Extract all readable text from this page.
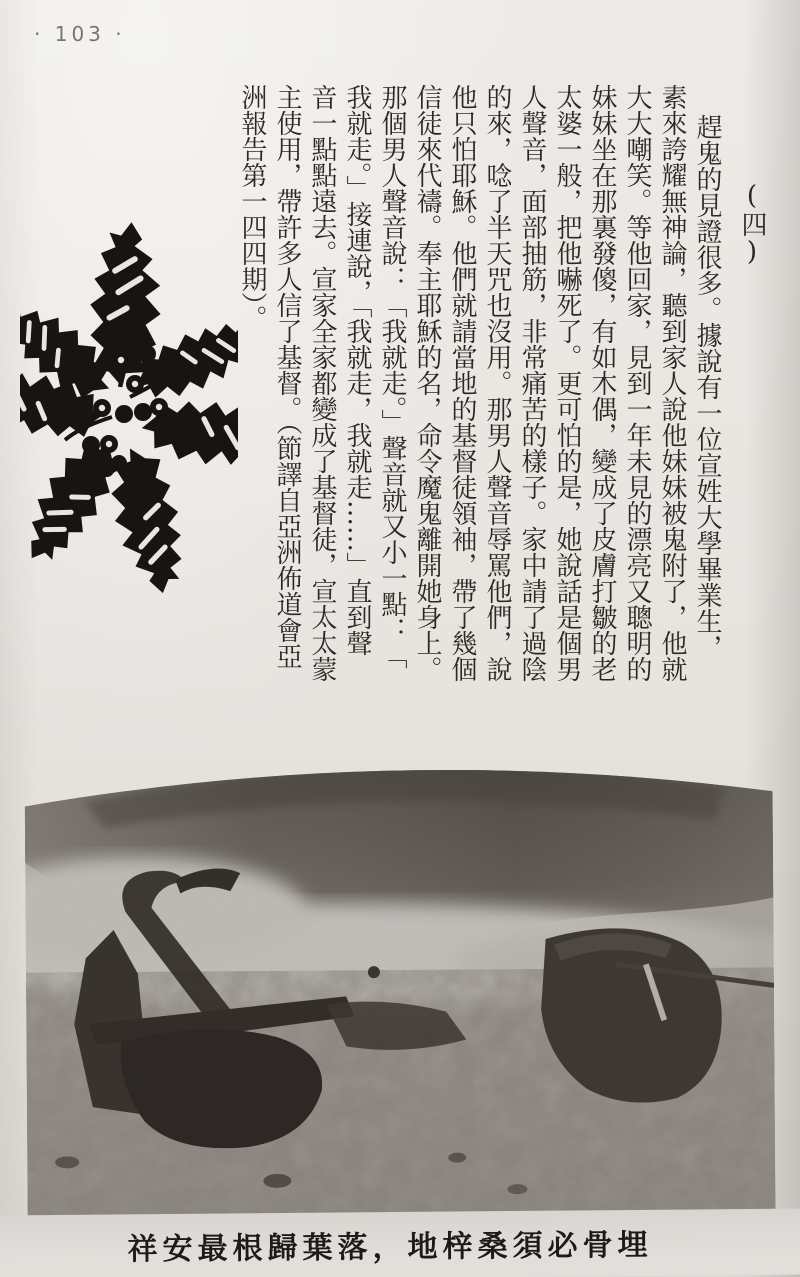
· 103 ·
(四)
趕鬼的見證很多。據說有一位宣姓大學畢業生，
素來誇耀無神論，聽到家人說他妹妹被鬼附了，他就
大大嘲笑。等他回家，見到一年未見的漂亮又聰明的
妹妹坐在那裏發傻，有如木偶，變成了皮膚打皺的老
太婆一般，把他嚇死了。更可怕的是，她說話是個男
人聲音，面部抽筋，非常痛苦的樣子。家中請了過陰
的來，唸了半天咒也沒用。那男人聲音辱罵他們，說
他只怕耶穌。他們就請當地的基督徒領袖，帶了幾個
信徒來代禱。奉主耶穌的名，命令魔鬼離開她身上。
那個男人聲音說：「我就走。」聲音就又小一點：「
我就走。」接連說，「我就走，我就走……」直到聲
音一點點遠去。宣家全家都變成了基督徒，宣太太蒙
主使用，帶許多人信了基督。（節譯自亞洲佈道會亞
洲報告第一四四期）。
祥安最根歸葉落，地梓桑須必骨埋
